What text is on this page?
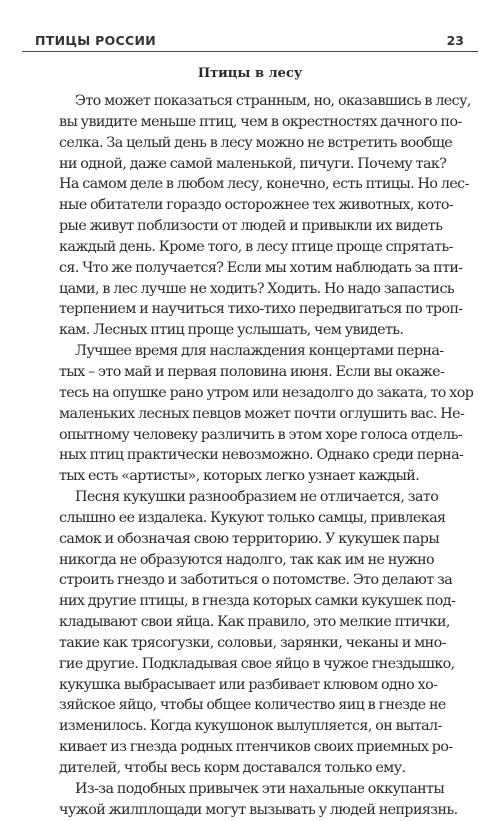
ПТИЦЫ РОССИИ	23
Птицы в лесу
Это может показаться странным, но, оказавшись в лесу,
вы увидите меньше птиц, чем в окрестностях дачного по-
селка. За целый день в лесу можно не встретить вообще
ни одной, даже самой маленькой, пичуги. Почему так?
На самом деле в любом лесу, конечно, есть птицы. Но лес-
ные обитатели гораздо осторожнее тех животных, кото-
рые живут поблизости от людей и привыкли их видеть
каждый день. Кроме того, в лесу птице проще спрятать-
ся. Что же получается? Если мы хотим наблюдать за пти-
цами, в лес лучше не ходить? Ходить. Но надо запастись
терпением и научиться тихо-тихо передвигаться по троп-
кам. Лесных птиц проще услышать, чем увидеть.
Лучшее время для наслаждения концертами перна-
тых – это май и первая половина июня. Если вы окаже-
тесь на опушке рано утром или незадолго до заката, то хор
маленьких лесных певцов может почти оглушить вас. Не-
опытному человеку различить в этом хоре голоса отдель-
ных птиц практически невозможно. Однако среди перна-
тых есть «артисты», которых легко узнает каждый.
Песня кукушки разнообразием не отличается, зато
слышно ее издалека. Кукуют только самцы, привлекая
самок и обозначая свою территорию. У кукушек пары
никогда не образуются надолго, так как им не нужно
строить гнездо и заботиться о потомстве. Это делают за
них другие птицы, в гнезда которых самки кукушек под-
кладывают свои яйца. Как правило, это мелкие птички,
такие как трясогузки, соловьи, зарянки, чеканы и мно-
гие другие. Подкладывая свое яйцо в чужое гнездышко,
кукушка выбрасывает или разбивает клювом одно хо-
зяйское яйцо, чтобы общее количество яиц в гнезде не
изменилось. Когда кукушонок вылупляется, он вытал-
кивает из гнезда родных птенчиков своих приемных ро-
дителей, чтобы весь корм доставался только ему.
Из-за подобных привычек эти нахальные оккупанты
чужой жилплощади могут вызывать у людей неприязнь.
